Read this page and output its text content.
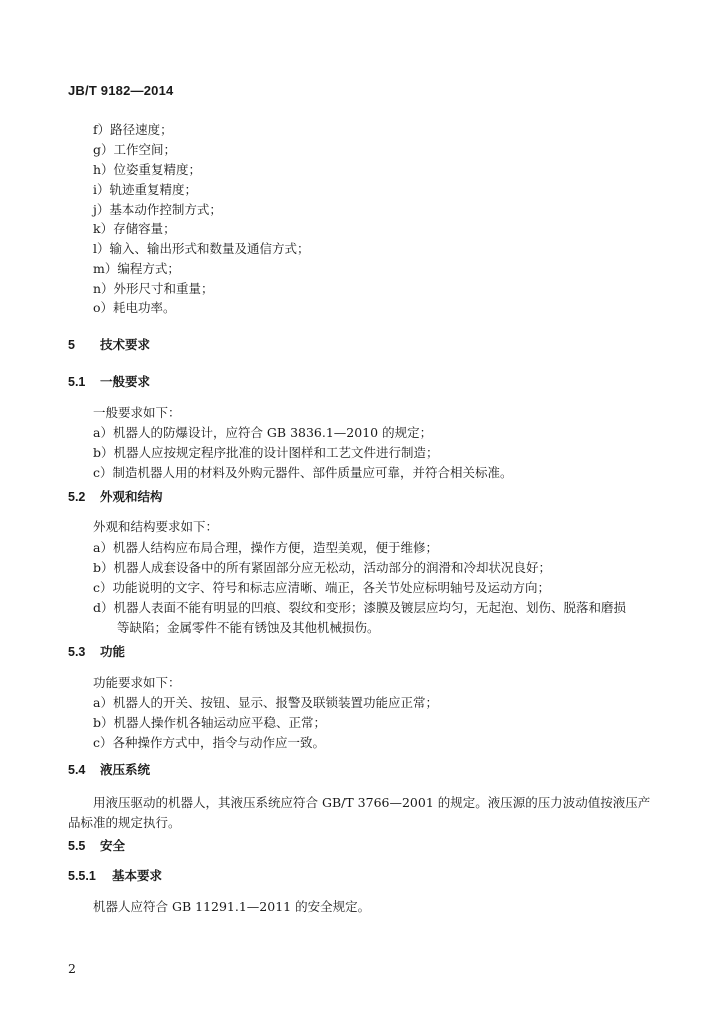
JB/T 9182—2014
f）路径速度；
g）工作空间；
h）位姿重复精度；
i）轨迹重复精度；
j）基本动作控制方式；
k）存储容量；
l）输入、输出形式和数量及通信方式；
m）编程方式；
n）外形尺寸和重量；
o）耗电功率。
5 技术要求
5.1 一般要求
一般要求如下：
a）机器人的防爆设计，应符合 GB 3836.1—2010 的规定；
b）机器人应按规定程序批准的设计图样和工艺文件进行制造；
c）制造机器人用的材料及外购元器件、部件质量应可靠，并符合相关标准。
5.2 外观和结构
外观和结构要求如下：
a）机器人结构应布局合理，操作方便，造型美观，便于维修；
b）机器人成套设备中的所有紧固部分应无松动，活动部分的润滑和冷却状况良好；
c）功能说明的文字、符号和标志应清晰、端正，各关节处应标明轴号及运动方向；
d）机器人表面不能有明显的凹痕、裂纹和变形；漆膜及镀层应均匀，无起泡、划伤、脱落和磨损
等缺陷；金属零件不能有锈蚀及其他机械损伤。
5.3 功能
功能要求如下：
a）机器人的开关、按钮、显示、报警及联锁装置功能应正常；
b）机器人操作机各轴运动应平稳、正常；
c）各种操作方式中，指令与动作应一致。
5.4 液压系统
用液压驱动的机器人，其液压系统应符合 GB/T 3766—2001 的规定。液压源的压力波动值按液压产
品标准的规定执行。
5.5 安全
5.5.1 基本要求
机器人应符合 GB 11291.1—2011 的安全规定。
2
